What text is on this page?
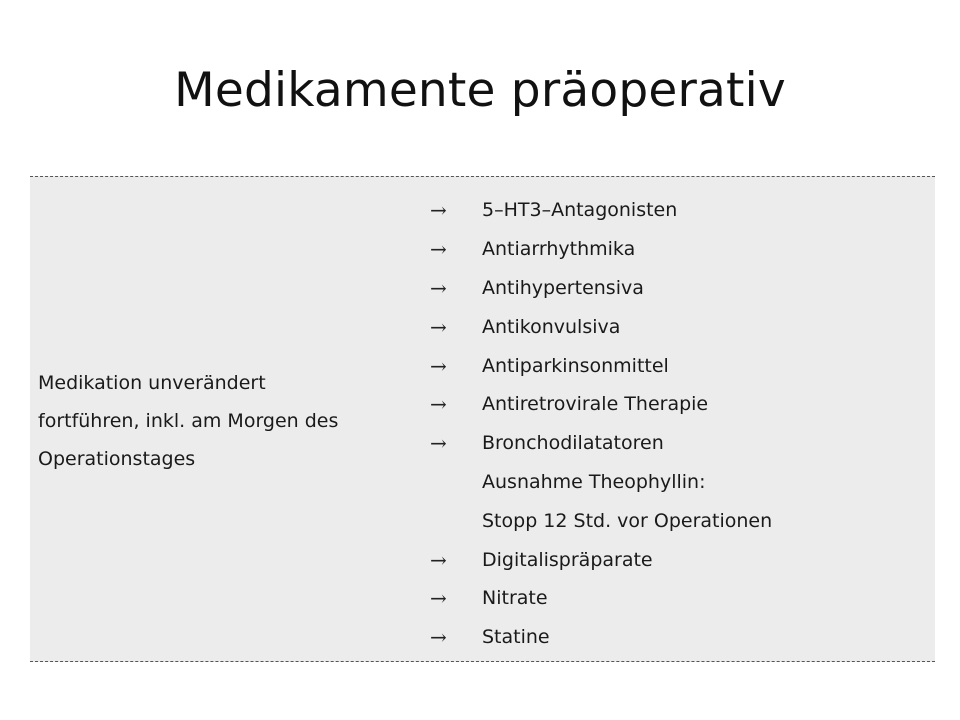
Medikamente präoperativ
Medikation unverändert
fortführen, inkl. am Morgen des
Operationstages
→	5–HT3–Antagonisten
→	Antiarrhythmika
→	Antihypertensiva
→	Antikonvulsiva
→	Antiparkinsonmittel
→	Antiretrovirale Therapie
→	Bronchodilatatoren
Ausnahme Theophyllin:
Stopp 12 Std. vor Operationen
→	Digitalispräparate
→	Nitrate
→	Statine
